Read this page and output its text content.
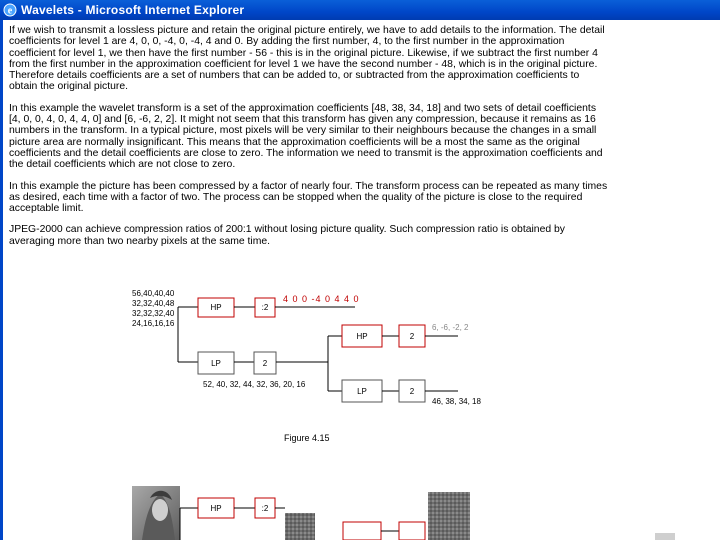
e Wavelets - Microsoft Internet Explorer

If we wish to transmit a lossless picture and retain the original picture entirely, we have to add details to the information. The detail coefficients for level 1 are 4, 0, 0, -4, 0, -4, 4 and 0. By adding the first number, 4, to the first number in the approximation coefficient for level 1, we then have the first number - 56 - this is in the original picture. Likewise, if we subtract the first number 4 from the first number in the approximation coefficient for level 1 we have the second number - 48, which is in the original picture. Therefore details coefficients are a set of numbers that can be added to, or subtracted from the approximation coefficients to obtain the original picture.

In this example the wavelet transform is a set of the approximation coefficients [48, 38, 34, 18] and two sets of detail coefficients [4, 0, 0, 4, 0, 4, 4, 0] and [6, -6, 2, 2]. It might not seem that this transform has given any compression, because it remains as 16 numbers in the transform. In a typical picture, most pixels will be very similar to their neighbours because the changes in a small picture area are normally insignificant. This means that the approximation coefficients will be a most the same as the original coefficients and the detail coefficients are close to zero. The information we need to transmit is the approximation coefficients and the detail coefficients which are not close to zero.

In this example the picture has been compressed by a factor of nearly four. The transform process can be repeated as many times as desired, each time with a factor of two. The process can be stopped when the quality of the picture is close to the required acceptable limit.

JPEG-2000 can achieve compression ratios of 200:1 without losing picture quality. Such compression ratio is obtained by averaging more than two nearby pixels at the same time.

56,40,40,40
32,32,40,48
32,32,32,40
24,16,16,16
HP	:2
4 0 0 -4 0 4 4 0
LP	2
52, 40, 32, 44, 32, 36, 20, 16
HP	2
6, -6, -2, 2
LP	2
46, 38, 34, 18
Figure 4.15
HP	:2
